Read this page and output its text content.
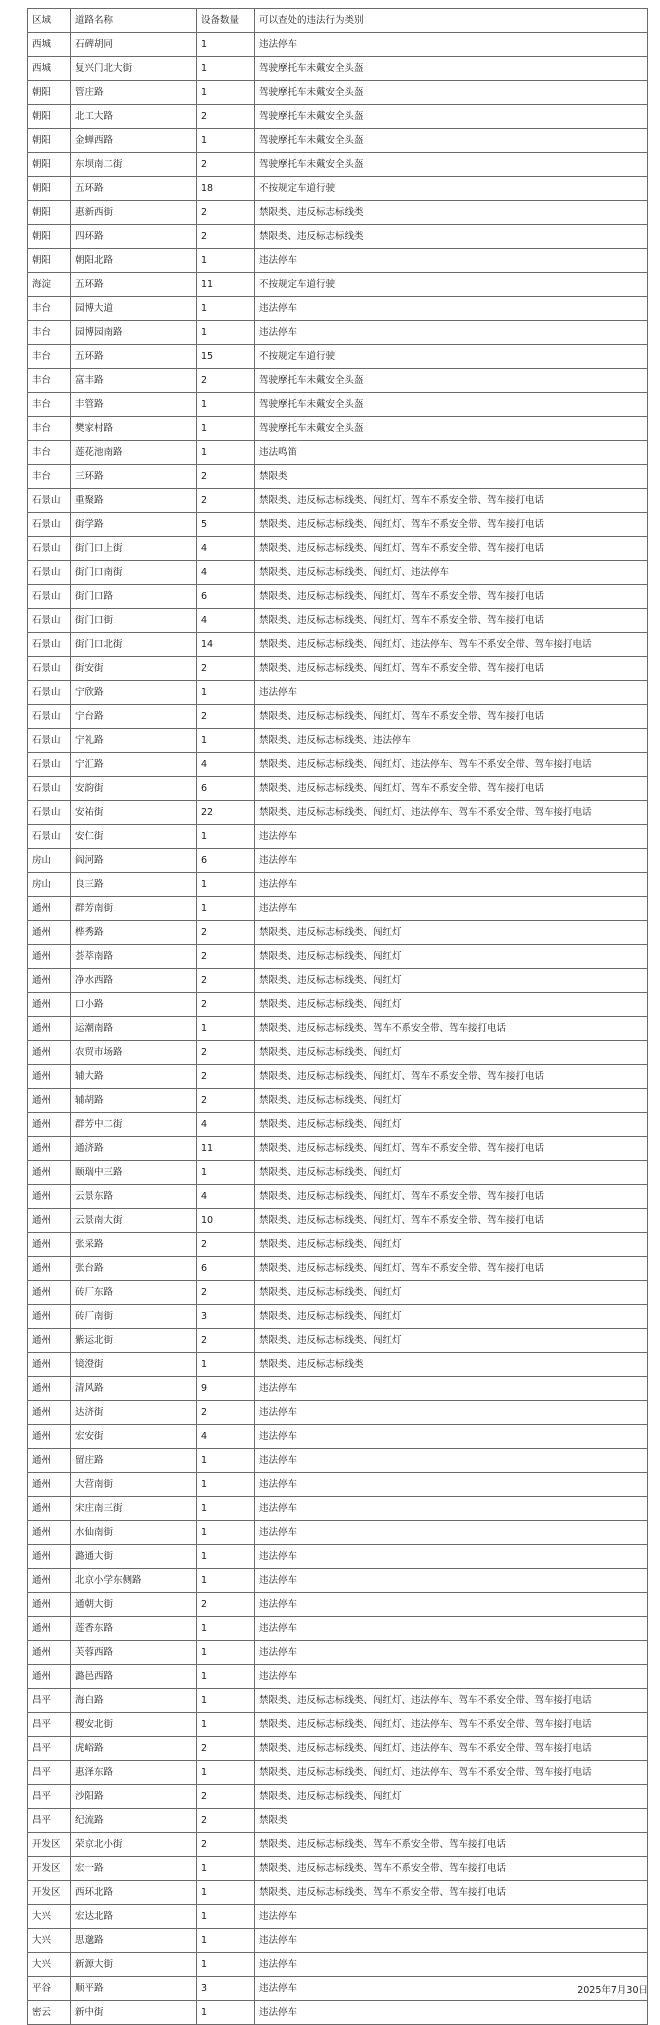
区域	道路名称	设备数量	可以查处的违法行为类别
西城	石碑胡同	1	违法停车
西城	复兴门北大街	1	驾驶摩托车未戴安全头盔
朝阳	管庄路	1	驾驶摩托车未戴安全头盔
朝阳	北工大路	2	驾驶摩托车未戴安全头盔
朝阳	金蝉西路	1	驾驶摩托车未戴安全头盔
朝阳	东坝南二街	2	驾驶摩托车未戴安全头盔
朝阳	五环路	18	不按规定车道行驶
朝阳	惠新西街	2	禁限类、违反标志标线类
朝阳	四环路	2	禁限类、违反标志标线类
朝阳	朝阳北路	1	违法停车
海淀	五环路	11	不按规定车道行驶
丰台	园博大道	1	违法停车
丰台	园博园南路	1	违法停车
丰台	五环路	15	不按规定车道行驶
丰台	富丰路	2	驾驶摩托车未戴安全头盔
丰台	丰管路	1	驾驶摩托车未戴安全头盔
丰台	樊家村路	1	驾驶摩托车未戴安全头盔
丰台	莲花池南路	1	违法鸣笛
丰台	三环路	2	禁限类
石景山	重聚路	2	禁限类、违反标志标线类、闯红灯、驾车不系安全带、驾车接打电话
石景山	街学路	5	禁限类、违反标志标线类、闯红灯、驾车不系安全带、驾车接打电话
石景山	街门口上街	4	禁限类、违反标志标线类、闯红灯、驾车不系安全带、驾车接打电话
石景山	街门口南街	4	禁限类、违反标志标线类、闯红灯、违法停车
石景山	街门口路	6	禁限类、违反标志标线类、闯红灯、驾车不系安全带、驾车接打电话
石景山	街门口街	4	禁限类、违反标志标线类、闯红灯、驾车不系安全带、驾车接打电话
石景山	街门口北街	14	禁限类、违反标志标线类、闯红灯、违法停车、驾车不系安全带、驾车接打电话
石景山	街安街	2	禁限类、违反标志标线类、闯红灯、驾车不系安全带、驾车接打电话
石景山	宁欣路	1	违法停车
石景山	宁台路	2	禁限类、违反标志标线类、闯红灯、驾车不系安全带、驾车接打电话
石景山	宁礼路	1	禁限类、违反标志标线类、违法停车
石景山	宁汇路	4	禁限类、违反标志标线类、闯红灯、违法停车、驾车不系安全带、驾车接打电话
石景山	安韵街	6	禁限类、违反标志标线类、闯红灯、驾车不系安全带、驾车接打电话
石景山	安祐街	22	禁限类、违反标志标线类、闯红灯、违法停车、驾车不系安全带、驾车接打电话
石景山	安仁街	1	违法停车
房山	阎河路	6	违法停车
房山	良三路	1	违法停车
通州	群芳南街	1	违法停车
通州	桦秀路	2	禁限类、违反标志标线类、闯红灯
通州	荟萃南路	2	禁限类、违反标志标线类、闯红灯
通州	净水西路	2	禁限类、违反标志标线类、闯红灯
通州	口小路	2	禁限类、违反标志标线类、闯红灯
通州	运潮南路	1	禁限类、违反标志标线类、驾车不系安全带、驾车接打电话
通州	农贸市场路	2	禁限类、违反标志标线类、闯红灯
通州	辅大路	2	禁限类、违反标志标线类、闯红灯、驾车不系安全带、驾车接打电话
通州	辅胡路	2	禁限类、违反标志标线类、闯红灯
通州	群芳中二街	4	禁限类、违反标志标线类、闯红灯
通州	通济路	11	禁限类、违反标志标线类、闯红灯、驾车不系安全带、驾车接打电话
通州	颐瑞中三路	1	禁限类、违反标志标线类、闯红灯
通州	云景东路	4	禁限类、违反标志标线类、闯红灯、驾车不系安全带、驾车接打电话
通州	云景南大街	10	禁限类、违反标志标线类、闯红灯、驾车不系安全带、驾车接打电话
通州	张采路	2	禁限类、违反标志标线类、闯红灯
通州	张台路	6	禁限类、违反标志标线类、闯红灯、驾车不系安全带、驾车接打电话
通州	砖厂东路	2	禁限类、违反标志标线类、闯红灯
通州	砖厂南街	3	禁限类、违反标志标线类、闯红灯
通州	紫运北街	2	禁限类、违反标志标线类、闯红灯
通州	镜澄街	1	禁限类、违反标志标线类
通州	清风路	9	违法停车
通州	达济街	2	违法停车
通州	宏安街	4	违法停车
通州	留庄路	1	违法停车
通州	大营南街	1	违法停车
通州	宋庄南三街	1	违法停车
通州	水仙南街	1	违法停车
通州	潞通大街	1	违法停车
通州	北京小学东侧路	1	违法停车
通州	通朝大街	2	违法停车
通州	莲香东路	1	违法停车
通州	芙蓉西路	1	违法停车
通州	潞邑西路	1	违法停车
昌平	海白路	1	禁限类、违反标志标线类、闯红灯、违法停车、驾车不系安全带、驾车接打电话
昌平	稷安北街	1	禁限类、违反标志标线类、闯红灯、违法停车、驾车不系安全带、驾车接打电话
昌平	虎峪路	2	禁限类、违反标志标线类、闯红灯、违法停车、驾车不系安全带、驾车接打电话
昌平	惠泽东路	1	禁限类、违反标志标线类、闯红灯、违法停车、驾车不系安全带、驾车接打电话
昌平	沙阳路	2	禁限类、违反标志标线类、闯红灯
昌平	纪流路	2	禁限类
开发区	荣京北小街	2	禁限类、违反标志标线类、驾车不系安全带、驾车接打电话
开发区	宏一路	1	禁限类、违反标志标线类、驾车不系安全带、驾车接打电话
开发区	西环北路	1	禁限类、违反标志标线类、驾车不系安全带、驾车接打电话
大兴	宏达北路	1	违法停车
大兴	思邈路	1	违法停车
大兴	新源大街	1	违法停车
平谷	顺平路	3	违法停车
密云	新中街	1	违法停车
2025年7月30日
